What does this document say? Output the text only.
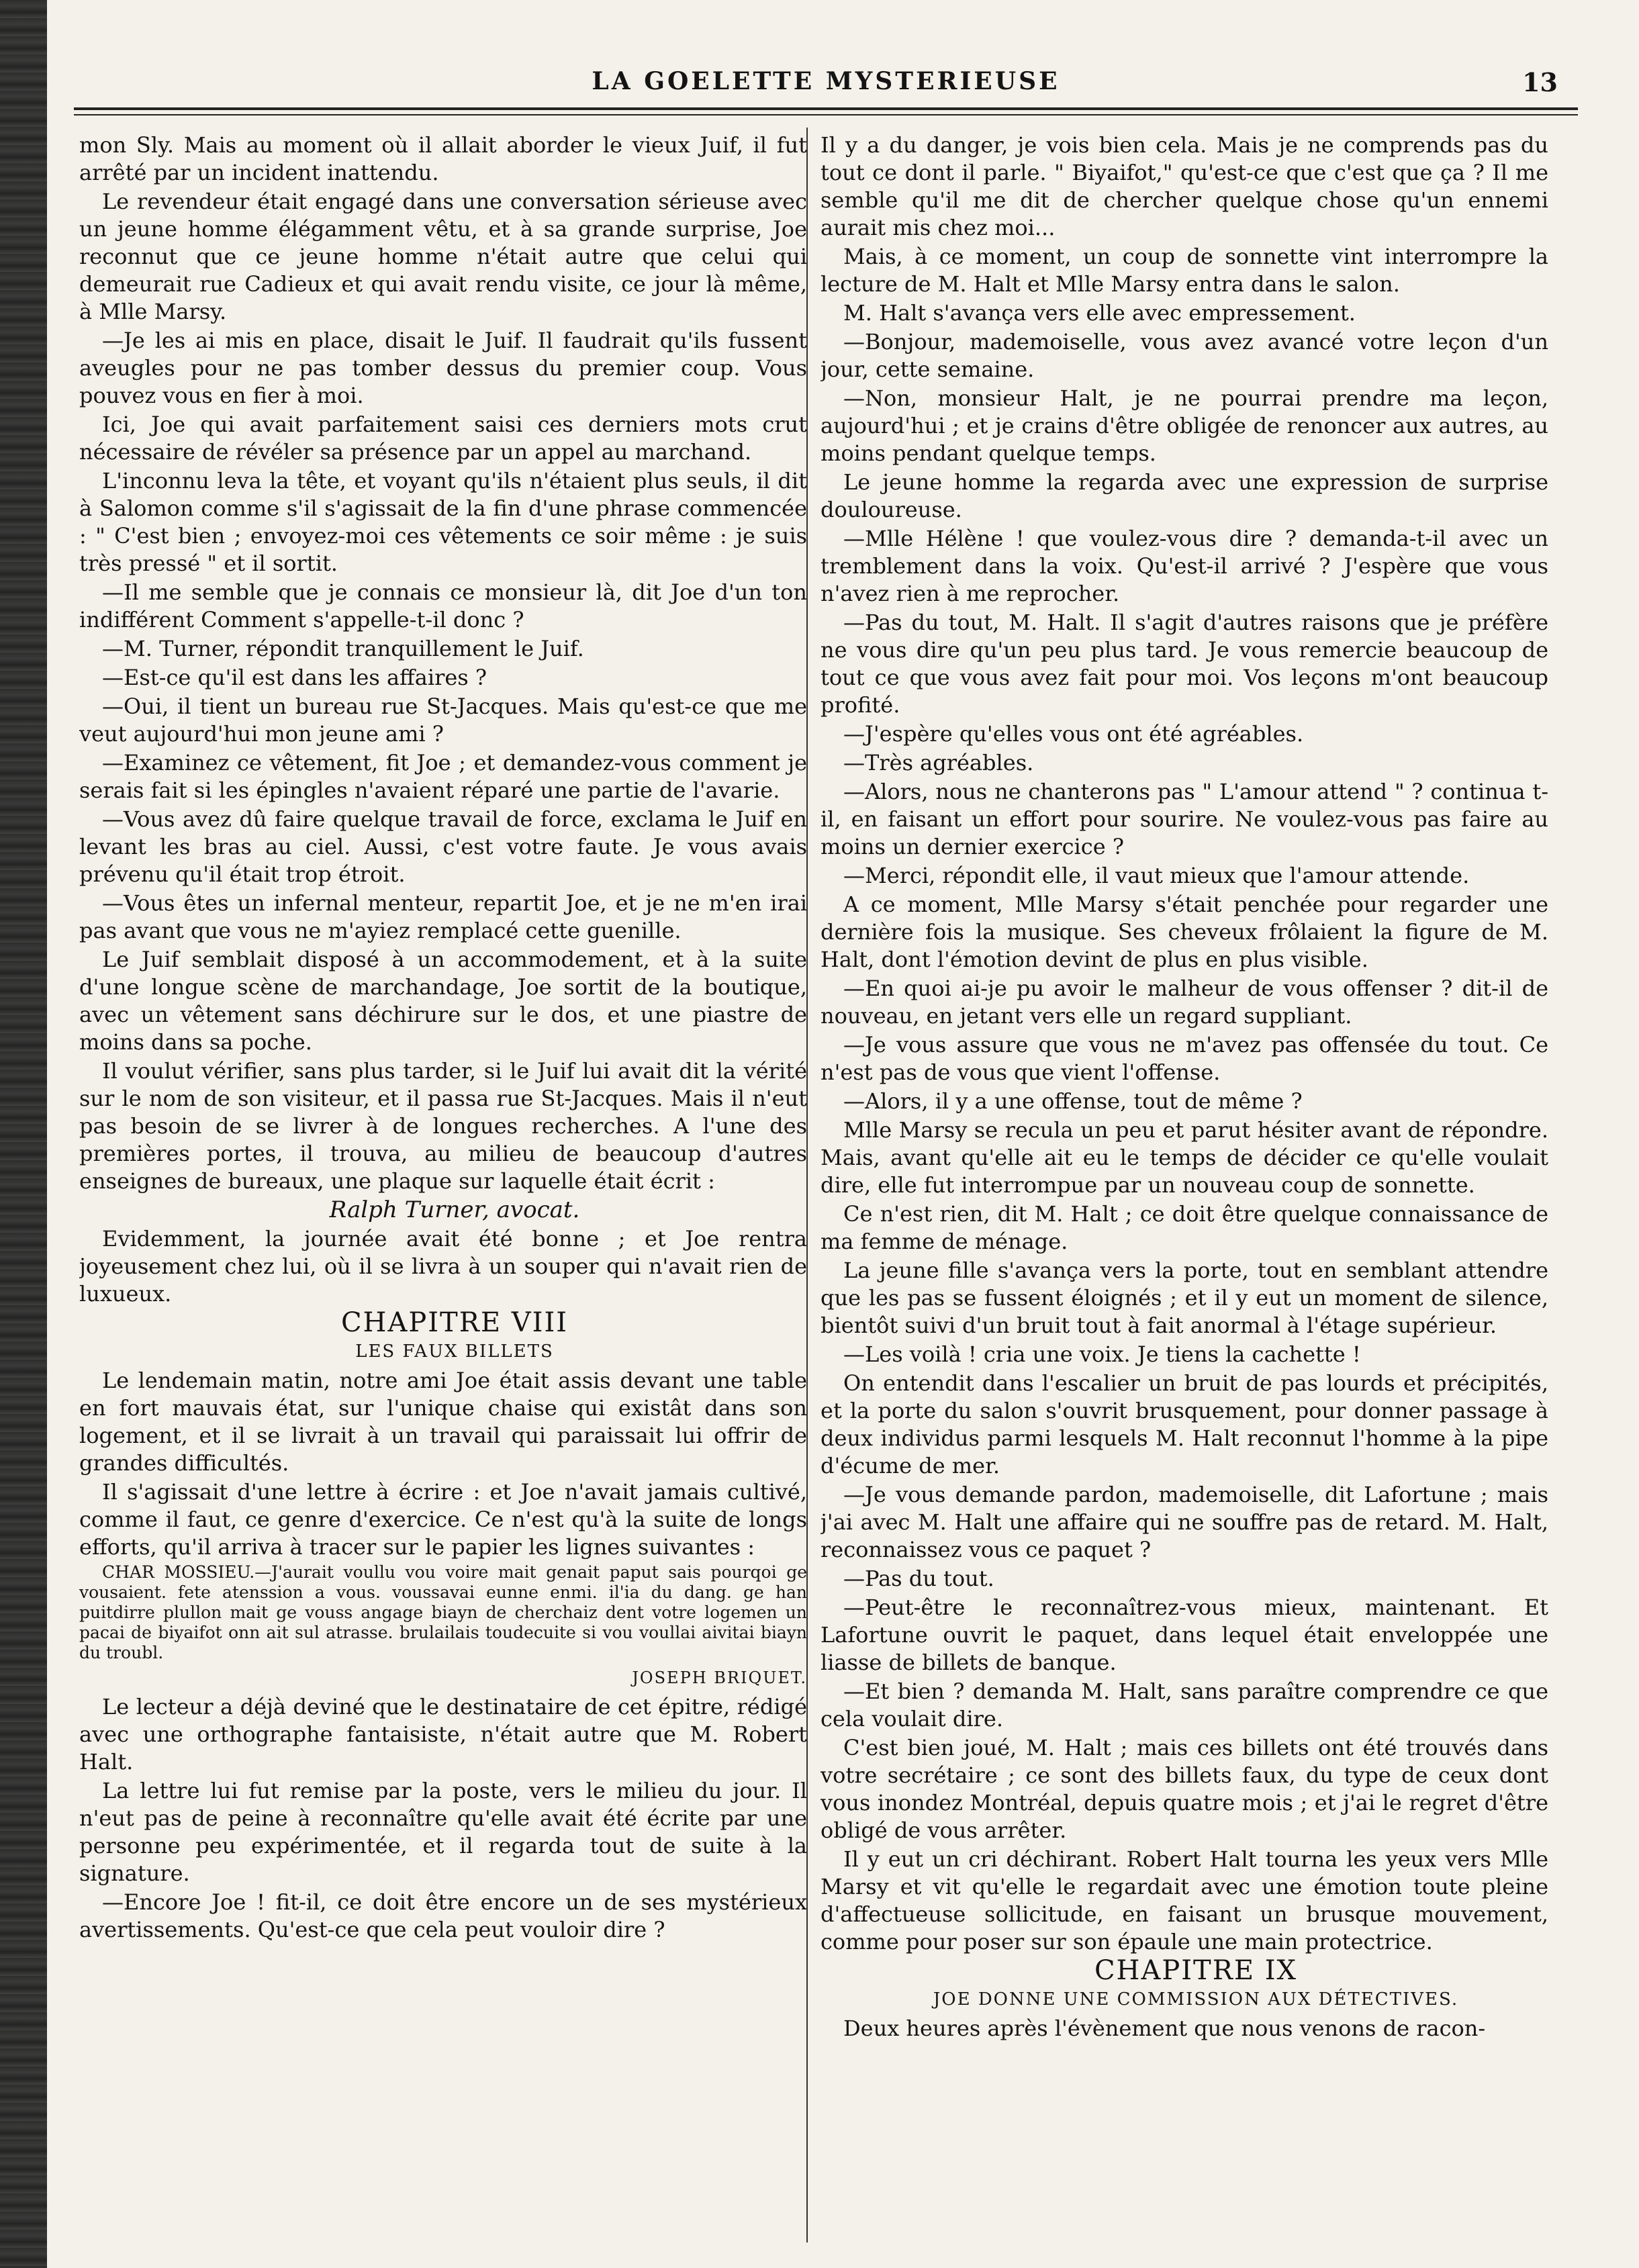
LA GOELETTE MYSTERIEUSE	13

mon Sly. Mais au moment où il allait aborder le vieux Juif, il fut arrêté par un incident inattendu.

Le revendeur était engagé dans une conversation sérieuse avec un jeune homme élégamment vêtu, et à sa grande surprise, Joe reconnut que ce jeune homme n'était autre que celui qui demeurait rue Cadieux et qui avait rendu visite, ce jour là même, à Mlle Marsy.

—Je les ai mis en place, disait le Juif. Il faudrait qu'ils fussent aveugles pour ne pas tomber dessus du premier coup. Vous pouvez vous en fier à moi.

Ici, Joe qui avait parfaitement saisi ces derniers mots crut nécessaire de révéler sa présence par un appel au marchand.

L'inconnu leva la tête, et voyant qu'ils n'étaient plus seuls, il dit à Salomon comme s'il s'agissait de la fin d'une phrase commencée : " C'est bien ; envoyez-moi ces vêtements ce soir même : je suis très pressé " et il sortit.

—Il me semble que je connais ce monsieur là, dit Joe d'un ton indifférent Comment s'appelle-t-il donc ?

—M. Turner, répondit tranquillement le Juif.

—Est-ce qu'il est dans les affaires ?

—Oui, il tient un bureau rue St-Jacques. Mais qu'est-ce que me veut aujourd'hui mon jeune ami ?

—Examinez ce vêtement, fit Joe ; et demandez-vous comment je serais fait si les épingles n'avaient réparé une partie de l'avarie.

—Vous avez dû faire quelque travail de force, exclama le Juif en levant les bras au ciel. Aussi, c'est votre faute. Je vous avais prévenu qu'il était trop étroit.

—Vous êtes un infernal menteur, repartit Joe, et je ne m'en irai pas avant que vous ne m'ayiez remplacé cette guenille.

Le Juif semblait disposé à un accommodement, et à la suite d'une longue scène de marchandage, Joe sortit de la boutique, avec un vêtement sans déchirure sur le dos, et une piastre de moins dans sa poche.

Il voulut vérifier, sans plus tarder, si le Juif lui avait dit la vérité sur le nom de son visiteur, et il passa rue St-Jacques. Mais il n'eut pas besoin de se livrer à de longues recherches. A l'une des premières portes, il trouva, au milieu de beaucoup d'autres enseignes de bureaux, une plaque sur laquelle était écrit :

Ralph Turner, avocat.

Evidemment, la journée avait été bonne ; et Joe rentra joyeusement chez lui, où il se livra à un souper qui n'avait rien de luxueux.

CHAPITRE VIII

LES FAUX BILLETS

Le lendemain matin, notre ami Joe était assis devant une table en fort mauvais état, sur l'unique chaise qui existât dans son logement, et il se livrait à un travail qui paraissait lui offrir de grandes difficultés.

Il s'agissait d'une lettre à écrire : et Joe n'avait jamais cultivé, comme il faut, ce genre d'exercice. Ce n'est qu'à la suite de longs efforts, qu'il arriva à tracer sur le papier les lignes suivantes :

CHAR MOSSIEU.—J'aurait voullu vou voire mait genait paput sais pourqoi ge vousaient. fete atenssion a vous. voussavai eunne enmi. il'ia du dang. ge han puitdirre plullon mait ge vouss angage biayn de cherchaiz dent votre logemen un pacai de biyaifot onn ait sul atrasse. brulailais toudecuite si vou voullai aivitai biayn du troubl.

JOSEPH BRIQUET.

Le lecteur a déjà deviné que le destinataire de cet épitre, rédigé avec une orthographe fantaisiste, n'était autre que M. Robert Halt.

La lettre lui fut remise par la poste, vers le milieu du jour. Il n'eut pas de peine à reconnaître qu'elle avait été écrite par une personne peu expérimentée, et il regarda tout de suite à la signature.

—Encore Joe ! fit-il, ce doit être encore un de ses mystérieux avertissements. Qu'est-ce que cela peut vouloir dire ?

Il y a du danger, je vois bien cela. Mais je ne comprends pas du tout ce dont il parle. " Biyaifot," qu'est-ce que c'est que ça ? Il me semble qu'il me dit de chercher quelque chose qu'un ennemi aurait mis chez moi...

Mais, à ce moment, un coup de sonnette vint interrompre la lecture de M. Halt et Mlle Marsy entra dans le salon.

M. Halt s'avança vers elle avec empressement.

—Bonjour, mademoiselle, vous avez avancé votre leçon d'un jour, cette semaine.

—Non, monsieur Halt, je ne pourrai prendre ma leçon, aujourd'hui ; et je crains d'être obligée de renoncer aux autres, au moins pendant quelque temps.

Le jeune homme la regarda avec une expression de surprise douloureuse.

—Mlle Hélène ! que voulez-vous dire ? demanda-t-il avec un tremblement dans la voix. Qu'est-il arrivé ? J'espère que vous n'avez rien à me reprocher.

—Pas du tout, M. Halt. Il s'agit d'autres raisons que je préfère ne vous dire qu'un peu plus tard. Je vous remercie beaucoup de tout ce que vous avez fait pour moi. Vos leçons m'ont beaucoup profité.

—J'espère qu'elles vous ont été agréables.

—Très agréables.

—Alors, nous ne chanterons pas " L'amour attend " ? continua t-il, en faisant un effort pour sourire. Ne voulez-vous pas faire au moins un dernier exercice ?

—Merci, répondit elle, il vaut mieux que l'amour attende.

A ce moment, Mlle Marsy s'était penchée pour regarder une dernière fois la musique. Ses cheveux frôlaient la figure de M. Halt, dont l'émotion devint de plus en plus visible.

—En quoi ai-je pu avoir le malheur de vous offenser ? dit-il de nouveau, en jetant vers elle un regard suppliant.

—Je vous assure que vous ne m'avez pas offensée du tout. Ce n'est pas de vous que vient l'offense.

—Alors, il y a une offense, tout de même ?

Mlle Marsy se recula un peu et parut hésiter avant de répondre. Mais, avant qu'elle ait eu le temps de décider ce qu'elle voulait dire, elle fut interrompue par un nouveau coup de sonnette.

Ce n'est rien, dit M. Halt ; ce doit être quelque connaissance de ma femme de ménage.

La jeune fille s'avança vers la porte, tout en semblant attendre que les pas se fussent éloignés ; et il y eut un moment de silence, bientôt suivi d'un bruit tout à fait anormal à l'étage supérieur.

—Les voilà ! cria une voix. Je tiens la cachette !

On entendit dans l'escalier un bruit de pas lourds et précipités, et la porte du salon s'ouvrit brusquement, pour donner passage à deux individus parmi lesquels M. Halt reconnut l'homme à la pipe d'écume de mer.

—Je vous demande pardon, mademoiselle, dit Lafortune ; mais j'ai avec M. Halt une affaire qui ne souffre pas de retard. M. Halt, reconnaissez vous ce paquet ?

—Pas du tout.

—Peut-être le reconnaîtrez-vous mieux, maintenant. Et Lafortune ouvrit le paquet, dans lequel était enveloppée une liasse de billets de banque.

—Et bien ? demanda M. Halt, sans paraître comprendre ce que cela voulait dire.

C'est bien joué, M. Halt ; mais ces billets ont été trouvés dans votre secrétaire ; ce sont des billets faux, du type de ceux dont vous inondez Montréal, depuis quatre mois ; et j'ai le regret d'être obligé de vous arrêter.

Il y eut un cri déchirant. Robert Halt tourna les yeux vers Mlle Marsy et vit qu'elle le regardait avec une émotion toute pleine d'affectueuse sollicitude, en faisant un brusque mouvement, comme pour poser sur son épaule une main protectrice.

CHAPITRE IX

JOE DONNE UNE COMMISSION AUX DÉTECTIVES.

Deux heures après l'évènement que nous venons de racon-
